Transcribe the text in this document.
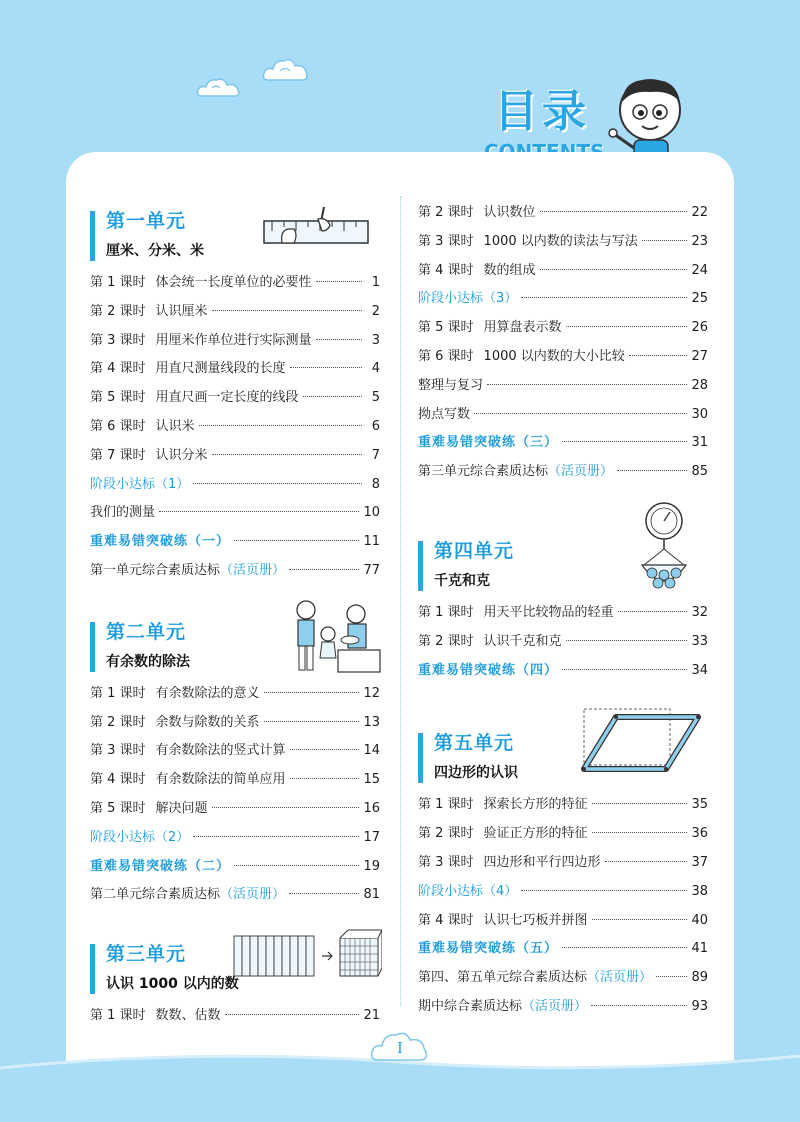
目录
第一单元
厘米、分米、米
第 1 课时 体会统一长度单位的必要性	1
第 2 课时 认识厘米	2
第 3 课时 用厘米作单位进行实际测量	3
第 4 课时 用直尺测量线段的长度	4
第 5 课时 用直尺画一定长度的线段	5
第 6 课时 认识米	6
第 7 课时 认识分米	7
阶段小达标（1）	8
我们的测量	10
重难易错突破练（一）	11
第一单元综合素质达标 （活页册）	77
第二单元
有余数的除法
第 1 课时 有余数除法的意义	12
第 2 课时 余数与除数的关系	13
第 3 课时 有余数除法的竖式计算	14
第 4 课时 有余数除法的简单应用	15
第 5 课时 解决问题	16
阶段小达标（2）	17
重难易错突破练（二）	19
第二单元综合素质达标 （活页册）	81
第三单元
认识 1000 以内的数
第 1 课时 数数、估数	21
第 2 课时 认识数位	22
第 3 课时 1000 以内数的读法与写法	23
第 4 课时 数的组成	24
阶段小达标（3）	25
第 5 课时 用算盘表示数	26
第 6 课时 1000 以内数的大小比较	27
整理与复习	28
拗点写数	30
重难易错突破练（三）	31
第三单元综合素质达标 （活页册）	85
第四单元
千克和克
第 1 课时 用天平比较物品的轻重	32
第 2 课时 认识千克和克	33
重难易错突破练（四）	34
第五单元
四边形的认识
第 1 课时 探索长方形的特征	35
第 2 课时 验证正方形的特征	36
第 3 课时 四边形和平行四边形	37
阶段小达标（4）	38
第 4 课时 认识七巧板并拼图	40
重难易错突破练（五）	41
第四、第五单元综合素质达标 （活页册）	89
期中综合素质达标 （活页册）	93
I
